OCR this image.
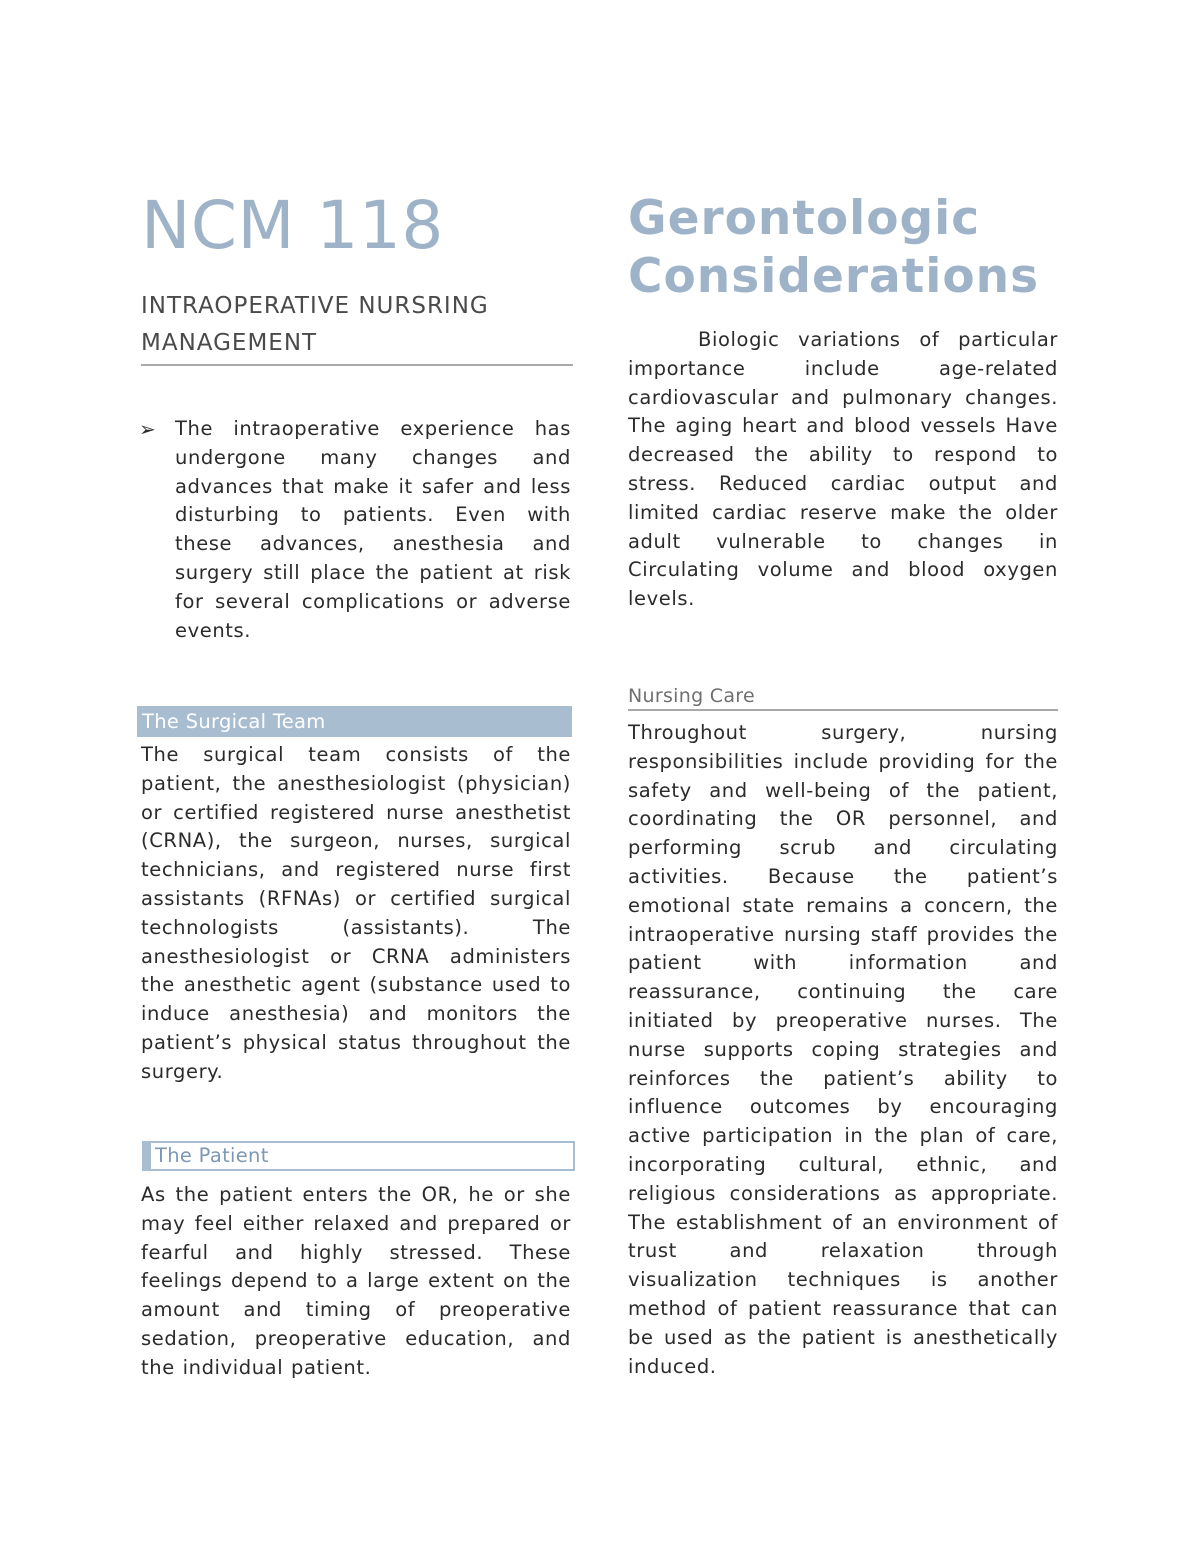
NCM 118
INTRAOPERATIVE NURSRING MANAGEMENT
➢ The intraoperative experience has undergone many changes and advances that make it safer and less disturbing to patients. Even with these advances, anesthesia and surgery still place the patient at risk for several complications or adverse events.

The Surgical Team

The surgical team consists of the patient, the anesthesiologist (physician) or certified registered nurse anesthetist (CRNA), the surgeon, nurses, surgical technicians, and registered nurse first assistants (RFNAs) or certified surgical technologists (assistants). The anesthesiologist or CRNA administers the anesthetic agent (substance used to induce anesthesia) and monitors the patient’s physical status throughout the surgery.

The Patient

As the patient enters the OR, he or she may feel either relaxed and prepared or fearful and highly stressed. These feelings depend to a large extent on the amount and timing of preoperative sedation, preoperative education, and the individual patient.

Gerontologic
Considerations

Biologic variations of particular importance include age-related cardiovascular and pulmonary changes. The aging heart and blood vessels Have decreased the ability to respond to stress. Reduced cardiac output and limited cardiac reserve make the older adult vulnerable to changes in Circulating volume and blood oxygen levels.

Nursing Care

Throughout surgery, nursing responsibilities include providing for the safety and well-being of the patient, coordinating the OR personnel, and performing scrub and circulating activities. Because the patient’s emotional state remains a concern, the intraoperative nursing staff provides the patient with information and reassurance, continuing the care initiated by preoperative nurses. The nurse supports coping strategies and reinforces the patient’s ability to influence outcomes by encouraging active participation in the plan of care, incorporating cultural, ethnic, and religious considerations as appropriate. The establishment of an environment of trust and relaxation through visualization techniques is another method of patient reassurance that can be used as the patient is anesthetically induced.
